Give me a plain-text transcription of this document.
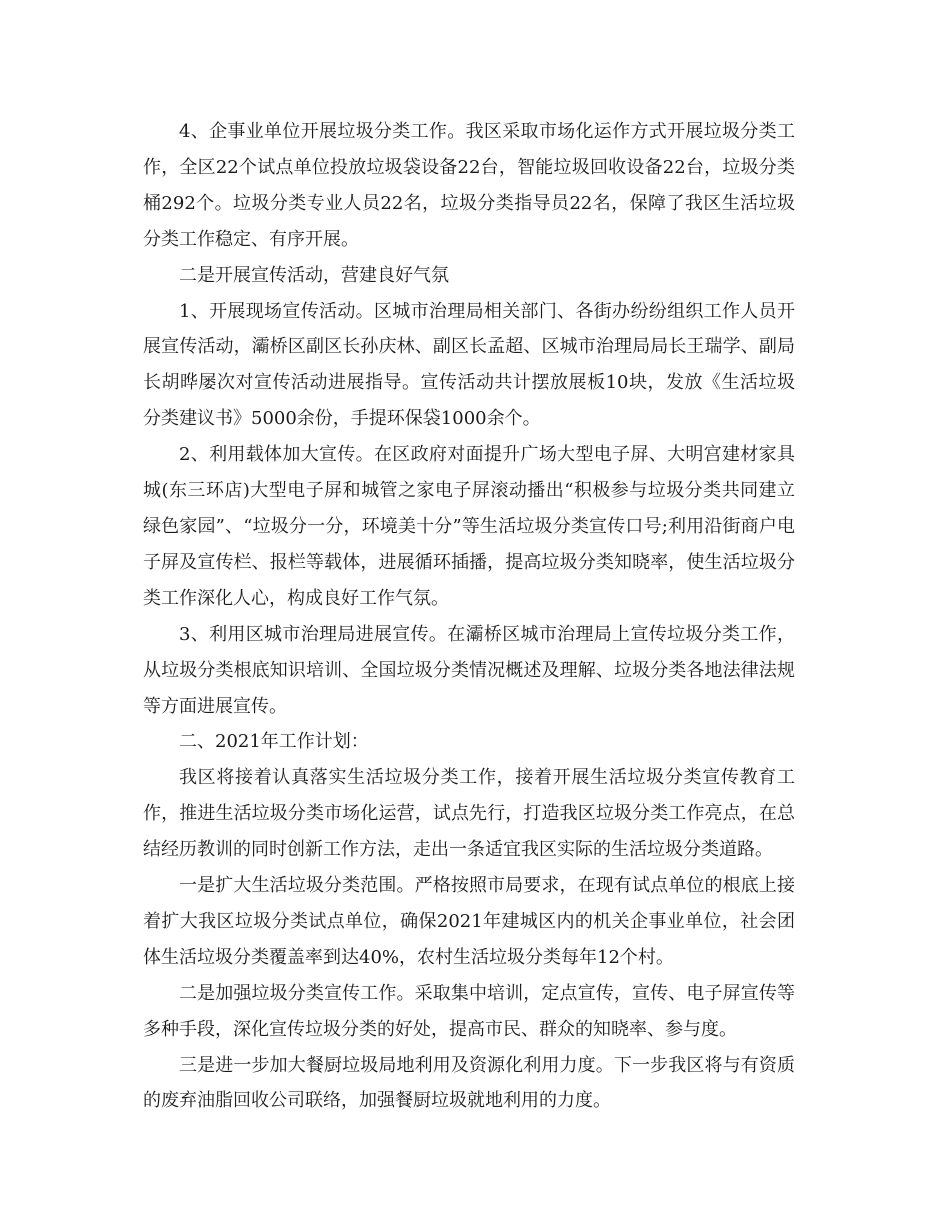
4、企事业单位开展垃圾分类工作。我区采取市场化运作方式开展垃圾分类工作，全区22个试点单位投放垃圾袋设备22台，智能垃圾回收设备22台，垃圾分类桶292个。垃圾分类专业人员22名，垃圾分类指导员22名，保障了我区生活垃圾分类工作稳定、有序开展。

二是开展宣传活动，营建良好气氛

1、开展现场宣传活动。区城市治理局相关部门、各街办纷纷组织工作人员开展宣传活动，灞桥区副区长孙庆林、副区长孟超、区城市治理局局长王瑞学、副局长胡晔屡次对宣传活动进展指导。宣传活动共计摆放展板10块，发放《生活垃圾分类建议书》5000余份，手提环保袋1000余个。

2、利用载体加大宣传。在区政府对面提升广场大型电子屏、大明宫建材家具城(东三环店)大型电子屏和城管之家电子屏滚动播出“积极参与垃圾分类共同建立绿色家园”、“垃圾分一分，环境美十分”等生活垃圾分类宣传口号;利用沿街商户电子屏及宣传栏、报栏等载体，进展循环插播，提高垃圾分类知晓率，使生活垃圾分类工作深化人心，构成良好工作气氛。

3、利用区城市治理局进展宣传。在灞桥区城市治理局上宣传垃圾分类工作，从垃圾分类根底知识培训、全国垃圾分类情况概述及理解、垃圾分类各地法律法规等方面进展宣传。

二、2021年工作计划：

我区将接着认真落实生活垃圾分类工作，接着开展生活垃圾分类宣传教育工作，推进生活垃圾分类市场化运营，试点先行，打造我区垃圾分类工作亮点，在总结经历教训的同时创新工作方法，走出一条适宜我区实际的生活垃圾分类道路。

一是扩大生活垃圾分类范围。严格按照市局要求，在现有试点单位的根底上接着扩大我区垃圾分类试点单位，确保2021年建城区内的机关企事业单位，社会团体生活垃圾分类覆盖率到达40%，农村生活垃圾分类每年12个村。

二是加强垃圾分类宣传工作。采取集中培训，定点宣传，宣传、电子屏宣传等多种手段，深化宣传垃圾分类的好处，提高市民、群众的知晓率、参与度。

三是进一步加大餐厨垃圾局地利用及资源化利用力度。下一步我区将与有资质的废弃油脂回收公司联络，加强餐厨垃圾就地利用的力度。
